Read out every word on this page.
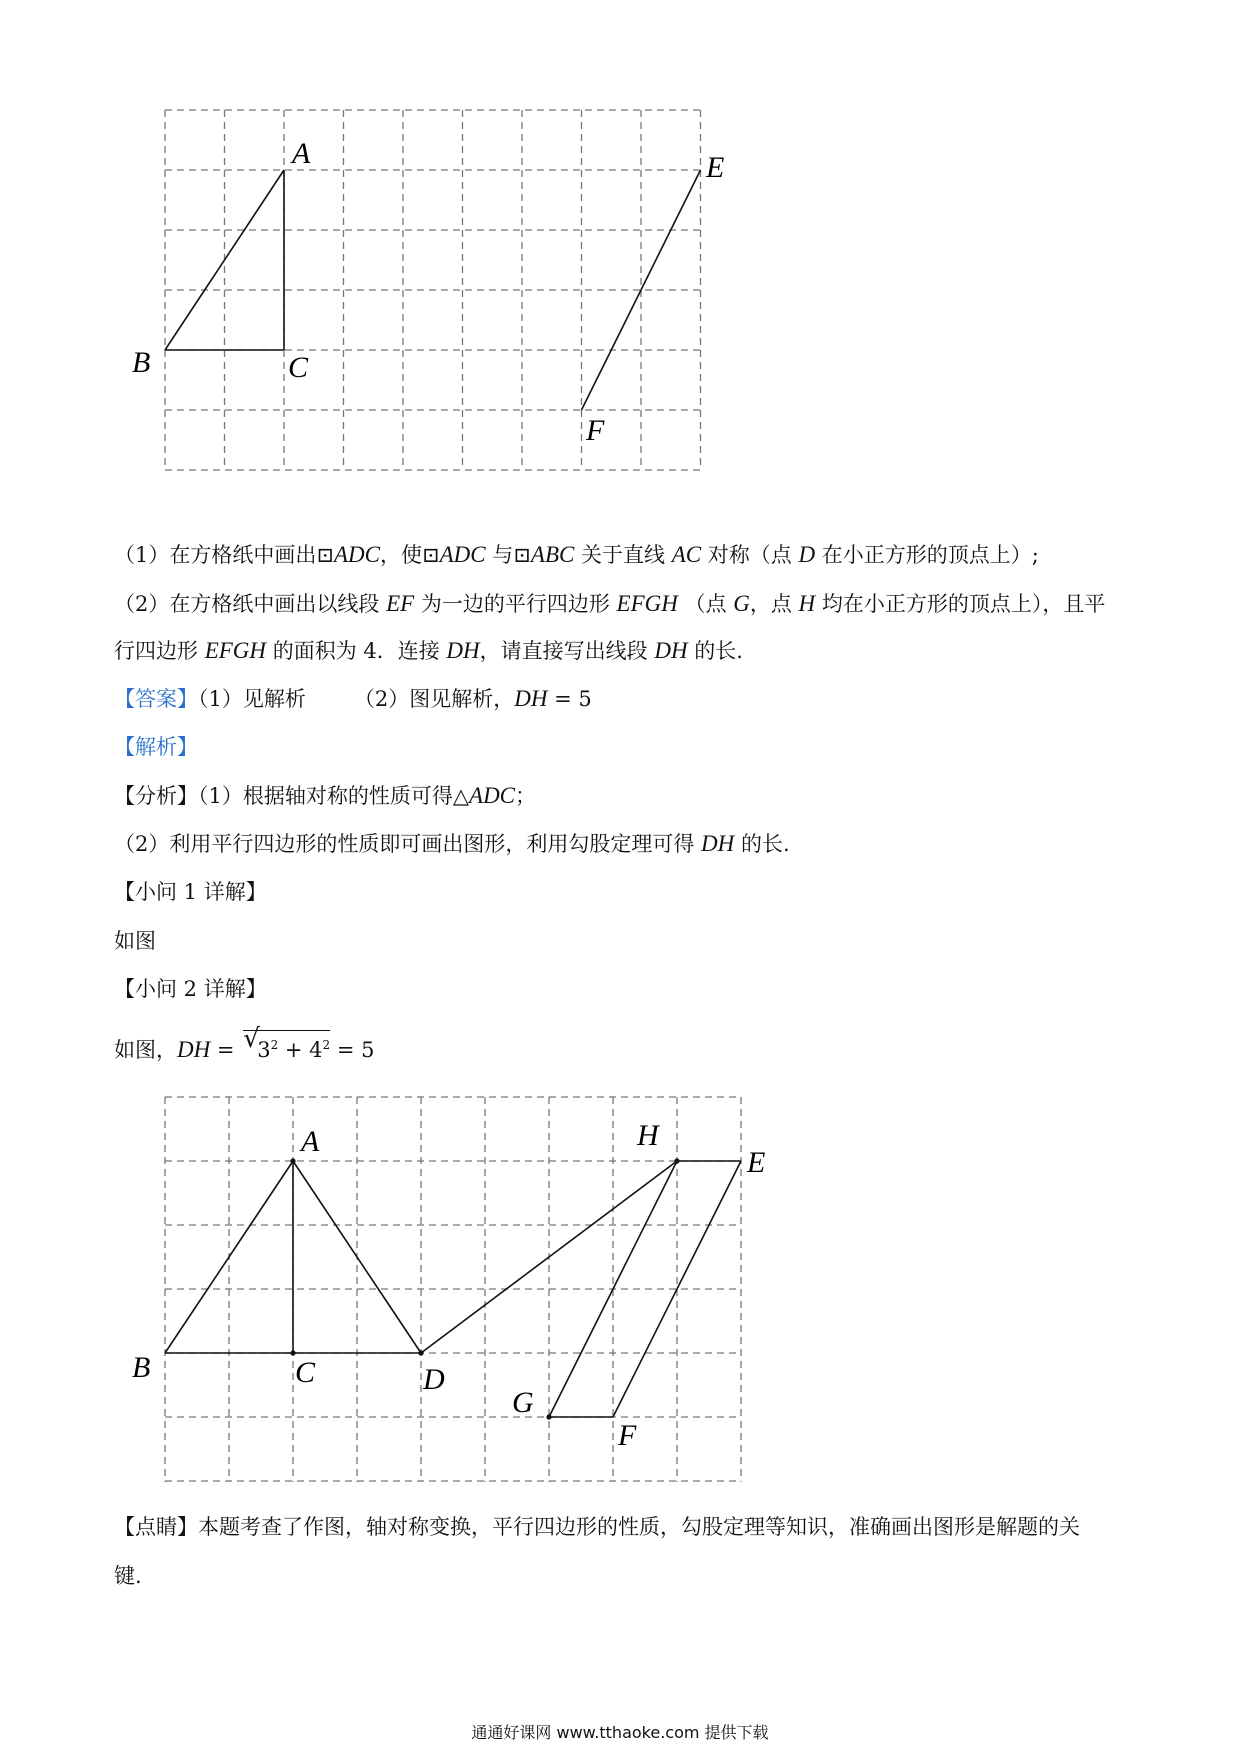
A
B	C
E
F
（1）在方格纸中画出⊡ADC，使⊡ADC 与⊡ABC 关于直线 AC 对称（点 D 在小正方形的顶点上）;
（2）在方格纸中画出以线段 EF 为一边的平行四边形 EFGH （点 G，点 H 均在小正方形的顶点上），且平
行四边形 EFGH 的面积为 4．连接 DH，请直接写出线段 DH 的长.
【答案】（1）见解析 （2）图见解析，DH = 5
【解析】
【分析】（1）根据轴对称的性质可得△ADC；
（2）利用平行四边形的性质即可画出图形，利用勾股定理可得 DH 的长.
【小问 1 详解】
如图
【小问 2 详解】
如图，DH = √
$3^2 + 4^2 = 5$
A
B	C	D
E
F
G
H
【点睛】本题考查了作图，轴对称变换，平行四边形的性质，勾股定理等知识，准确画出图形是解题的关
键.
通通好课网 www.tthaoke.com 提供下载
